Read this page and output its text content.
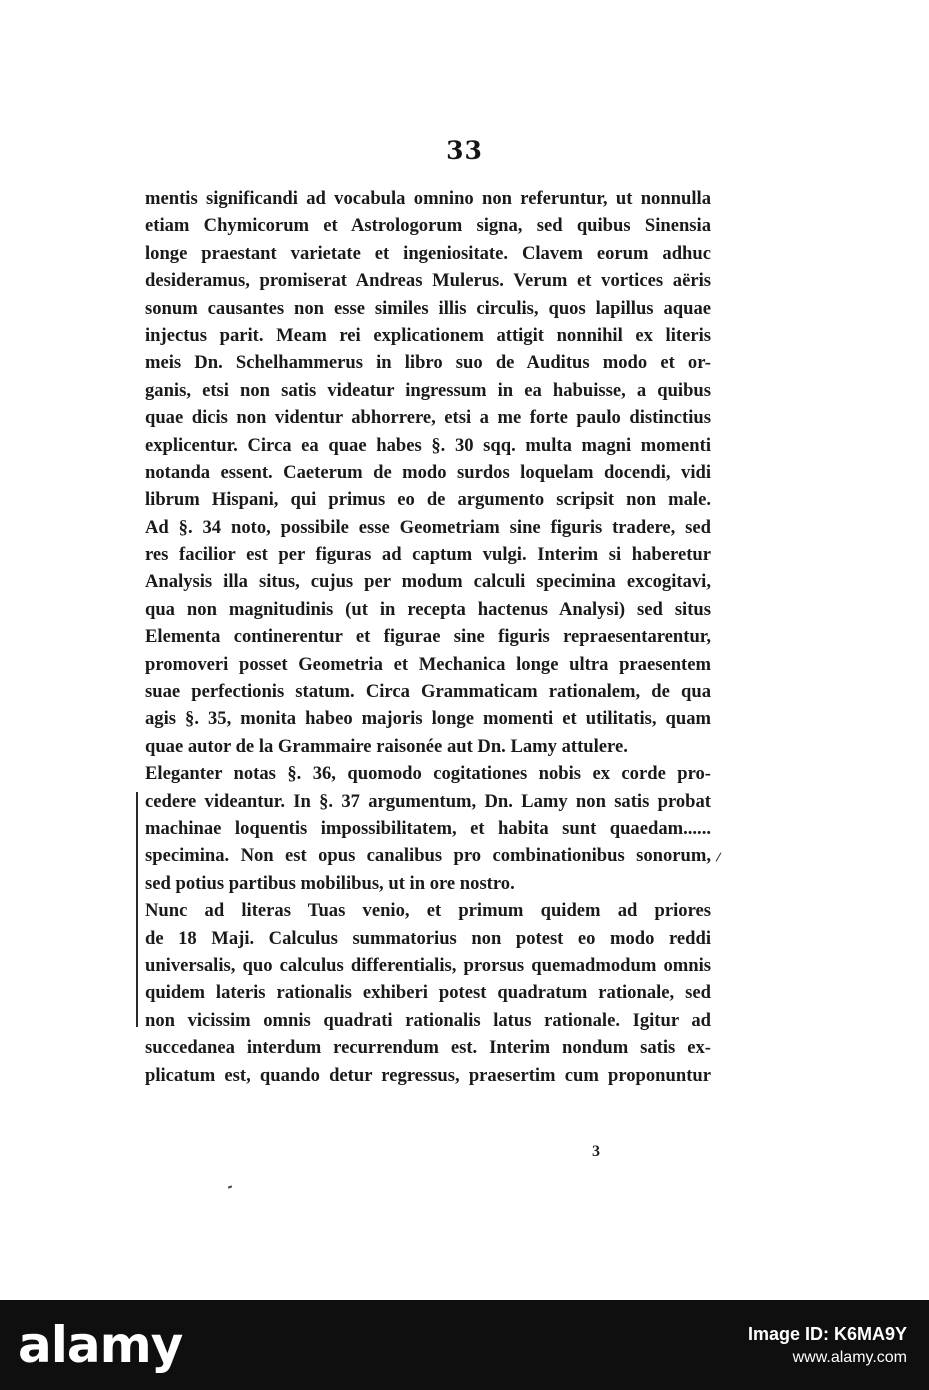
33
mentis significandi ad vocabula omnino non referuntur, ut nonnulla
etiam Chymicorum et Astrologorum signa, sed quibus Sinensia
longe praestant varietate et ingeniositate. Clavem eorum adhuc
desideramus, promiserat Andreas Mulerus. Verum et vortices aëris
sonum causantes non esse similes illis circulis, quos lapillus aquae
injectus parit. Meam rei explicationem attigit nonnihil ex literis
meis Dn. Schelhammerus in libro suo de Auditus modo et or-
ganis, etsi non satis videatur ingressum in ea habuisse, a quibus
quae dicis non videntur abhorrere, etsi a me forte paulo distinctius
explicentur. Circa ea quae habes §. 30 sqq. multa magni momenti
notanda essent. Caeterum de modo surdos loquelam docendi, vidi
librum Hispani, qui primus eo de argumento scripsit non male.
Ad §. 34 noto, possibile esse Geometriam sine figuris tradere, sed
res facilior est per figuras ad captum vulgi. Interim si haberetur
Analysis illa situs, cujus per modum calculi specimina excogitavi,
qua non magnitudinis (ut in recepta hactenus Analysi) sed situs
Elementa continerentur et figurae sine figuris repraesentarentur,
promoveri posset Geometria et Mechanica longe ultra praesentem
suae perfectionis statum. Circa Grammaticam rationalem, de qua
agis §. 35, monita habeo majoris longe momenti et utilitatis, quam
quae autor de la Grammaire raisonée aut Dn. Lamy attulere.
Eleganter notas §. 36, quomodo cogitationes nobis ex corde pro-
cedere videantur. In §. 37 argumentum, Dn. Lamy non satis probat
machinae loquentis impossibilitatem, et habita sunt quaedam......
specimina. Non est opus canalibus pro combinationibus sonorum,
sed potius partibus mobilibus, ut in ore nostro.
Nunc ad literas Tuas venio, et primum quidem ad priores
de 18 Maji. Calculus summatorius non potest eo modo reddi
universalis, quo calculus differentialis, prorsus quemadmodum omnis
quidem lateris rationalis exhiberi potest quadratum rationale, sed
non vicissim omnis quadrati rationalis latus rationale. Igitur ad
succedanea interdum recurrendum est. Interim nondum satis ex-
plicatum est, quando detur regressus, praesertim cum proponuntur
3
alamy	Image ID: K6MA9Y
www.alamy.com
